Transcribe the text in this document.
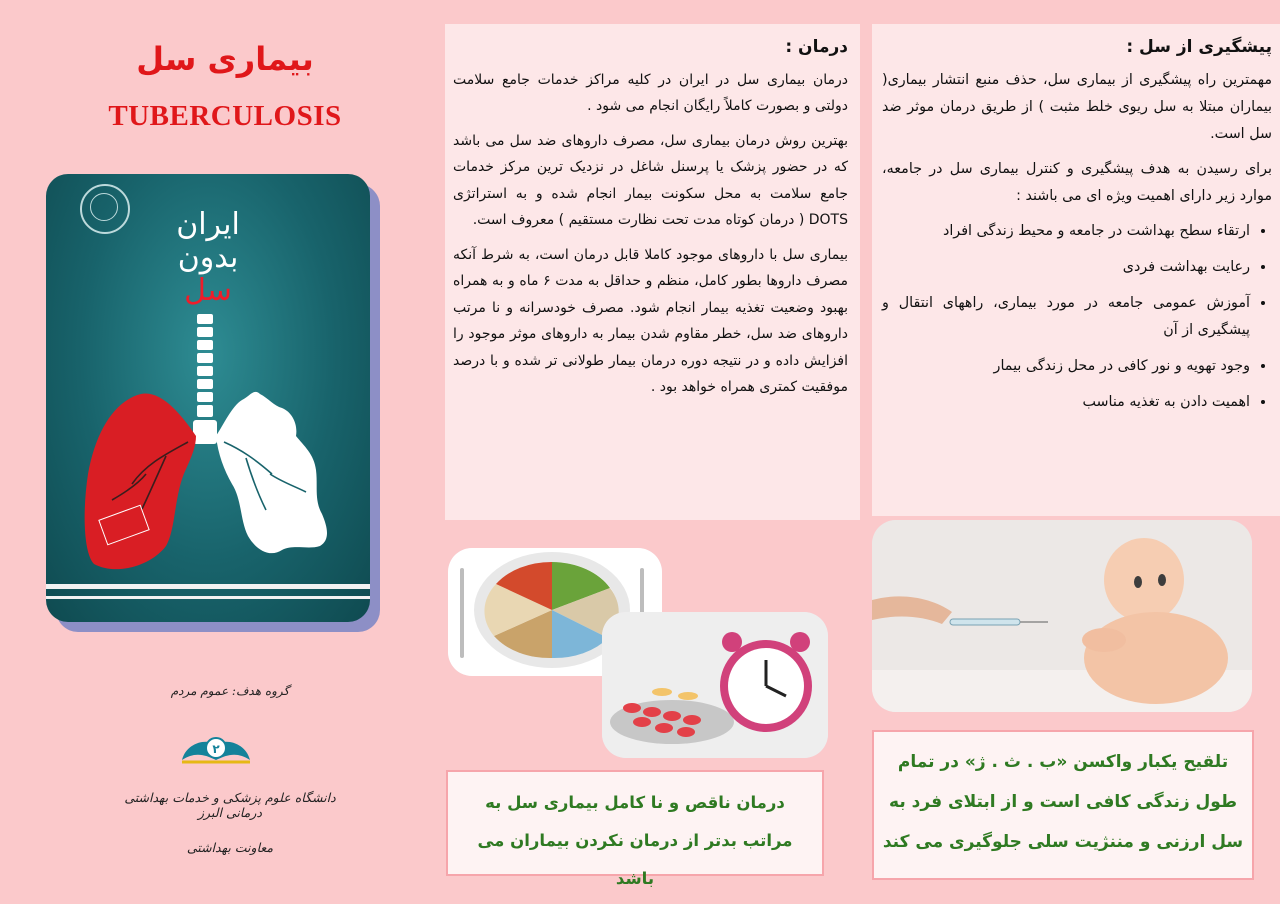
بیماری سل
TUBERCULOSIS
ایران
بدون
سل
گروه هدف: عموم مردم
۲
دانشگاه علوم پزشکی و خدمات بهداشتی درمانی البرز
معاونت بهداشتی
درمان :

درمان بیماری سل در ایران در کلیه مراکز خدمات جامع سلامت دولتی و بصورت کاملاً رایگان انجام می شود .

بهترین روش درمان بیماری سل، مصرف داروهای ضد سل می باشد که در حضور پزشک یا پرسنل شاغل در نزدیک ترین مرکز خدمات جامع سلامت به محل سکونت بیمار انجام شده و به استراتژی DOTS ( درمان کوتاه مدت تحت نظارت مستقیم ) معروف است.

بیماری سل با داروهای موجود کاملا قابل درمان است، به شرط آنکه مصرف داروها بطور کامل، منظم و حداقل به مدت ۶ ماه و به همراه بهبود وضعیت تغذیه بیمار انجام شود. مصرف خودسرانه و نا مرتب داروهای ضد سل، خطر مقاوم شدن بیمار به داروهای موثر موجود را افزایش داده و در نتیجه دوره درمان بیمار طولانی تر شده و با درصد موفقیت کمتری همراه خواهد بود .

درمان ناقص و نا کامل بیماری سل به مراتب بدتر از درمان نکردن بیماران می باشد
پیشگیری از سل :

مهمترین راه پیشگیری از بیماری سل، حذف منبع انتشار بیماری( بیماران مبتلا به سل ریوی خلط مثبت ) از طریق درمان موثر ضد سل است.

برای رسیدن به هدف پیشگیری و کنترل بیماری سل در جامعه، موارد زیر دارای اهمیت ویژه ای می باشند :

• ارتقاء سطح بهداشت در جامعه و محیط زندگی افراد
• رعایت بهداشت فردی
• آموزش عمومی جامعه در مورد بیماری، راههای انتقال و پیشگیری از آن
• وجود تهویه و نور کافی در محل زندگی بیمار
• اهمیت دادن به تغذیه مناسب
تلقیح یکبار واکسن «ب . ث . ژ» در تمام طول زندگی کافی است و از ابتلای فرد به سل ارزنی و مننژیت سلی جلوگیری می کند
